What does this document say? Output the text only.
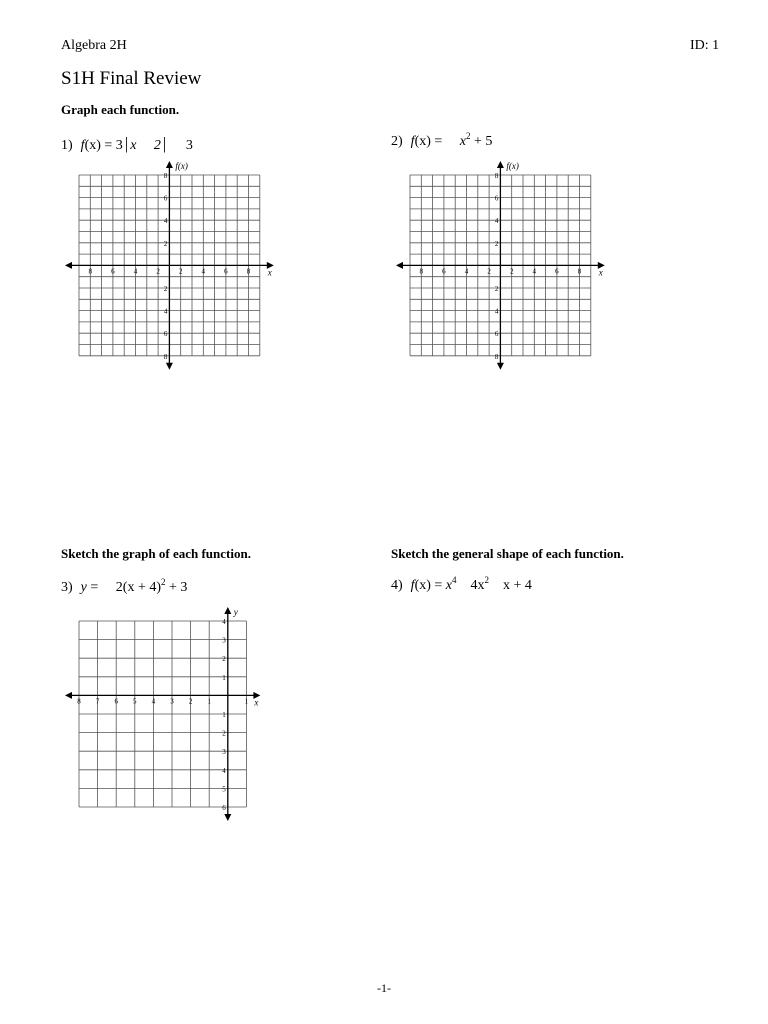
Algebra 2H	ID: 1
S1H Final Review
Graph each function.
Sketch the graph of each function.	Sketch the general shape of each function.
1) f(x) = 3 | x     2 | 3	2) f(x) =     $x^2 + 5$
3) y =     $2(x + 4)^2 + 3$	4) $f(x) = x^4$    $4x^2$    x + 4
x
f(x)
8	6	4	2	2	4	6	8
8
6
4
2
2
4
6
8
x
f(x)
8	6	4	2	2	4	6	8
8
6
4
2
2
4
6
8
x
y
8 7 6 5 4 3 2 1	1
4
3
2
1
1
2
3
4
5
6
-1-
